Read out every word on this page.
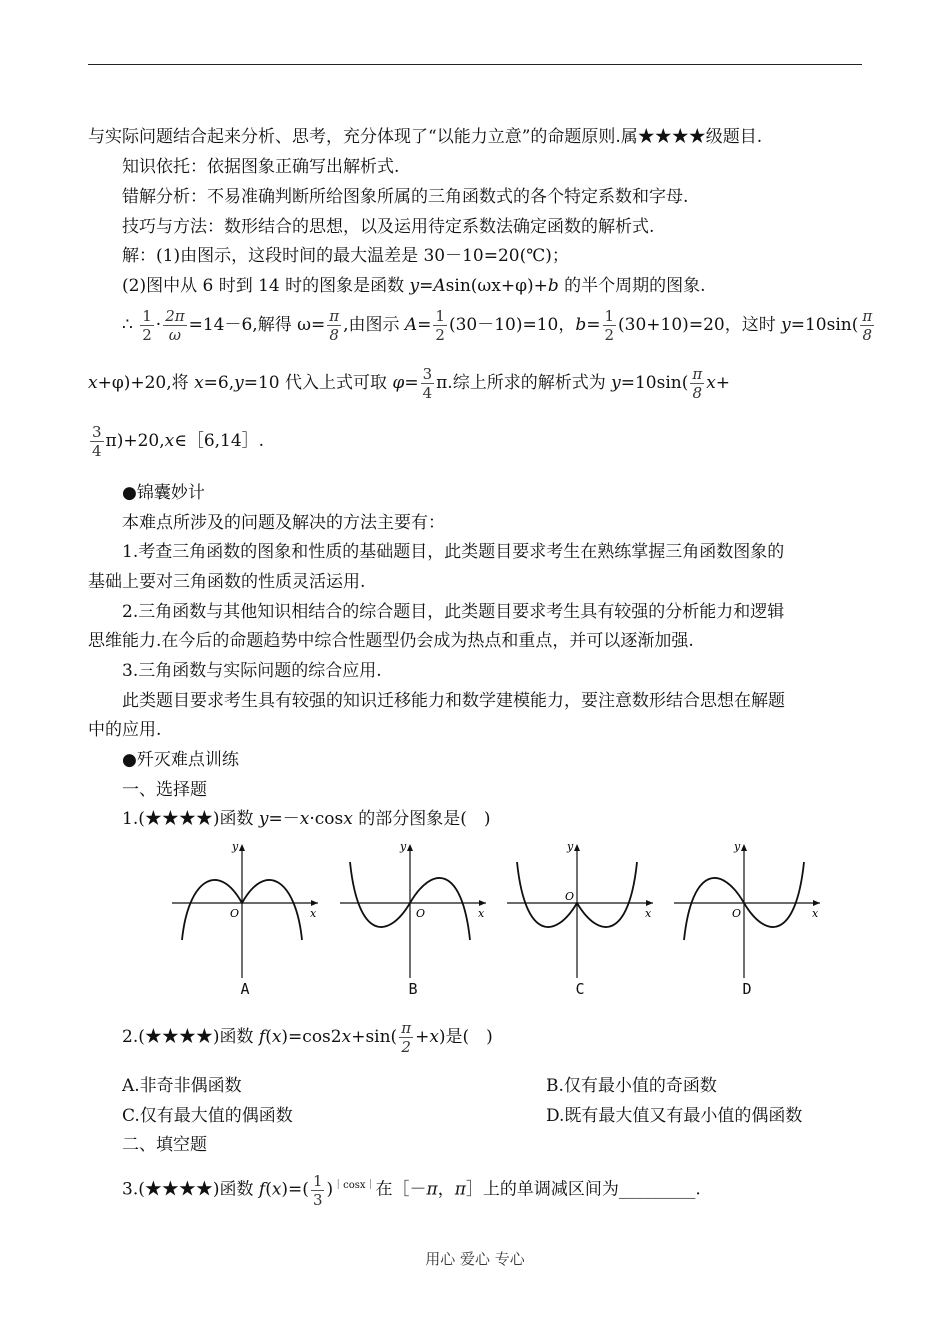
与实际问题结合起来分析、思考，充分体现了“以能力立意”的命题原则.属★★★★级题目.
知识依托：依据图象正确写出解析式.
错解分析：不易准确判断所给图象所属的三角函数式的各个特定系数和字母.
技巧与方法：数形结合的思想，以及运用待定系数法确定函数的解析式.
解：(1)由图示，这段时间的最大温差是 30－10=20(℃)；
(2)图中从 6 时到 14 时的图象是函数 y=Asin(ωx+φ)+b 的半个周期的图象.
∴ $\frac{1}{2} \cdot \frac{2\pi}{\omega} =14-6$,解得 $\omega= \frac{\pi}{8}$ ,由图示 $A= \frac{1}{2} (30-10)=10$，$b= \frac{1}{2} (30+10)=20$，这时 $y=10\sin( \frac{\pi}{8}$
x+φ)+20,将 x=6,y=10 代入上式可取 $\varphi= \frac{3}{4} \pi$.综上所求的解析式为 $y=10\sin( \frac{\pi}{8} x+$
$\frac{3}{4}$ π)+20,x∈［6,14］.
●锦囊妙计
本难点所涉及的问题及解决的方法主要有：
1.考查三角函数的图象和性质的基础题目，此类题目要求考生在熟练掌握三角函数图象的
基础上要对三角函数的性质灵活运用.
2.三角函数与其他知识相结合的综合题目，此类题目要求考生具有较强的分析能力和逻辑
思维能力.在今后的命题趋势中综合性题型仍会成为热点和重点，并可以逐渐加强.
3.三角函数与实际问题的综合应用.
此类题目要求考生具有较强的知识迁移能力和数学建模能力，要注意数形结合思想在解题
中的应用.
●歼灭难点训练
一、选择题
1.(★★★★)函数 y=－x·cosx 的部分图象是(　)
y
x
O
A
y
x
O
B
y
x
O
C
y
x
O
D
2.(★★★★)函数 $f(x)=\cos 2x+\sin( \frac{\pi}{2} +x)$是(　)
A.非奇非偶函数	B.仅有最小值的奇函数
C.仅有最大值的偶函数	D.既有最大值又有最小值的偶函数
二、填空题
3.(★★★★)函数 $f(x)=( \frac{1}{3} )^{|cosx|}$在［－π，π］上的单调减区间为_________.
用心 爱心 专心
